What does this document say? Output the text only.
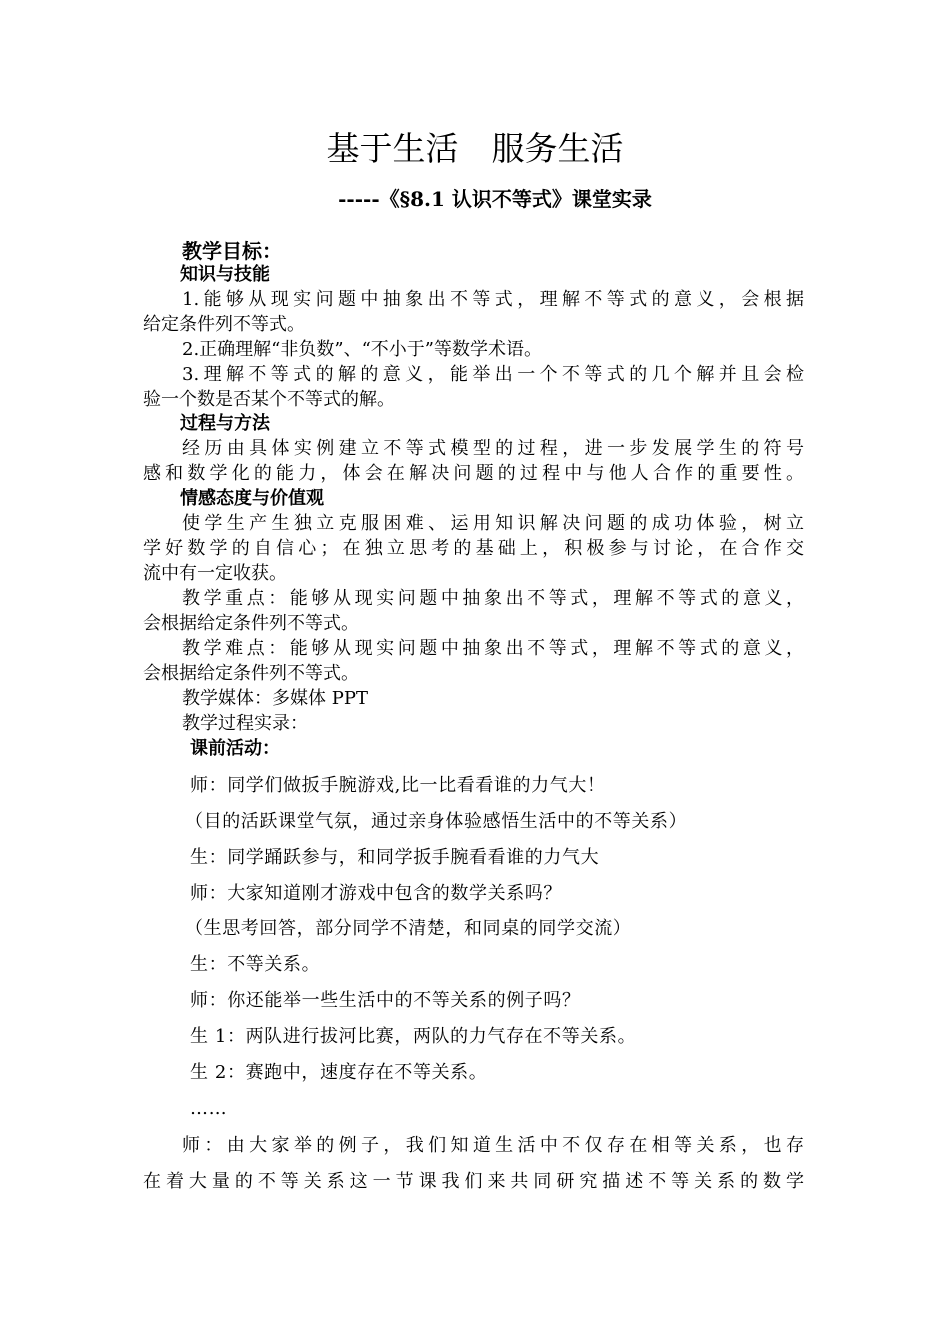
基于生活　服务生活
-----《§8.1 认识不等式》课堂实录

教学目标：

知识与技能

1.能够从现实问题中抽象出不等式，理解不等式的意义，会根据

给定条件列不等式。

2.正确理解“非负数”、“不小于”等数学术语。

3.理解不等式的解的意义，能举出一个不等式的几个解并且会检

验一个数是否某个不等式的解。

过程与方法

经历由具体实例建立不等式模型的过程，进一步发展学生的符号

感和数学化的能力，体会在解决问题的过程中与他人合作的重要性。

情感态度与价值观

使学生产生独立克服困难、运用知识解决问题的成功体验，树立

学好数学的自信心；在独立思考的基础上，积极参与讨论，在合作交

流中有一定收获。

教学重点：能够从现实问题中抽象出不等式，理解不等式的意义，

会根据给定条件列不等式。

教学难点：能够从现实问题中抽象出不等式，理解不等式的意义，

会根据给定条件列不等式。

教学媒体：多媒体 PPT

教学过程实录：

课前活动：

师：同学们做扳手腕游戏,比一比看看谁的力气大！

（目的活跃课堂气氛，通过亲身体验感悟生活中的不等关系）

生：同学踊跃参与，和同学扳手腕看看谁的力气大

师：大家知道刚才游戏中包含的数学关系吗？

（生思考回答，部分同学不清楚，和同桌的同学交流）

生：不等关系。

师：你还能举一些生活中的不等关系的例子吗？

生 1：两队进行拔河比赛，两队的力气存在不等关系。

生 2：赛跑中，速度存在不等关系。

……

师：由大家举的例子，我们知道生活中不仅存在相等关系，也存

在着大量的不等关系这一节课我们来共同研究描述不等关系的数学
